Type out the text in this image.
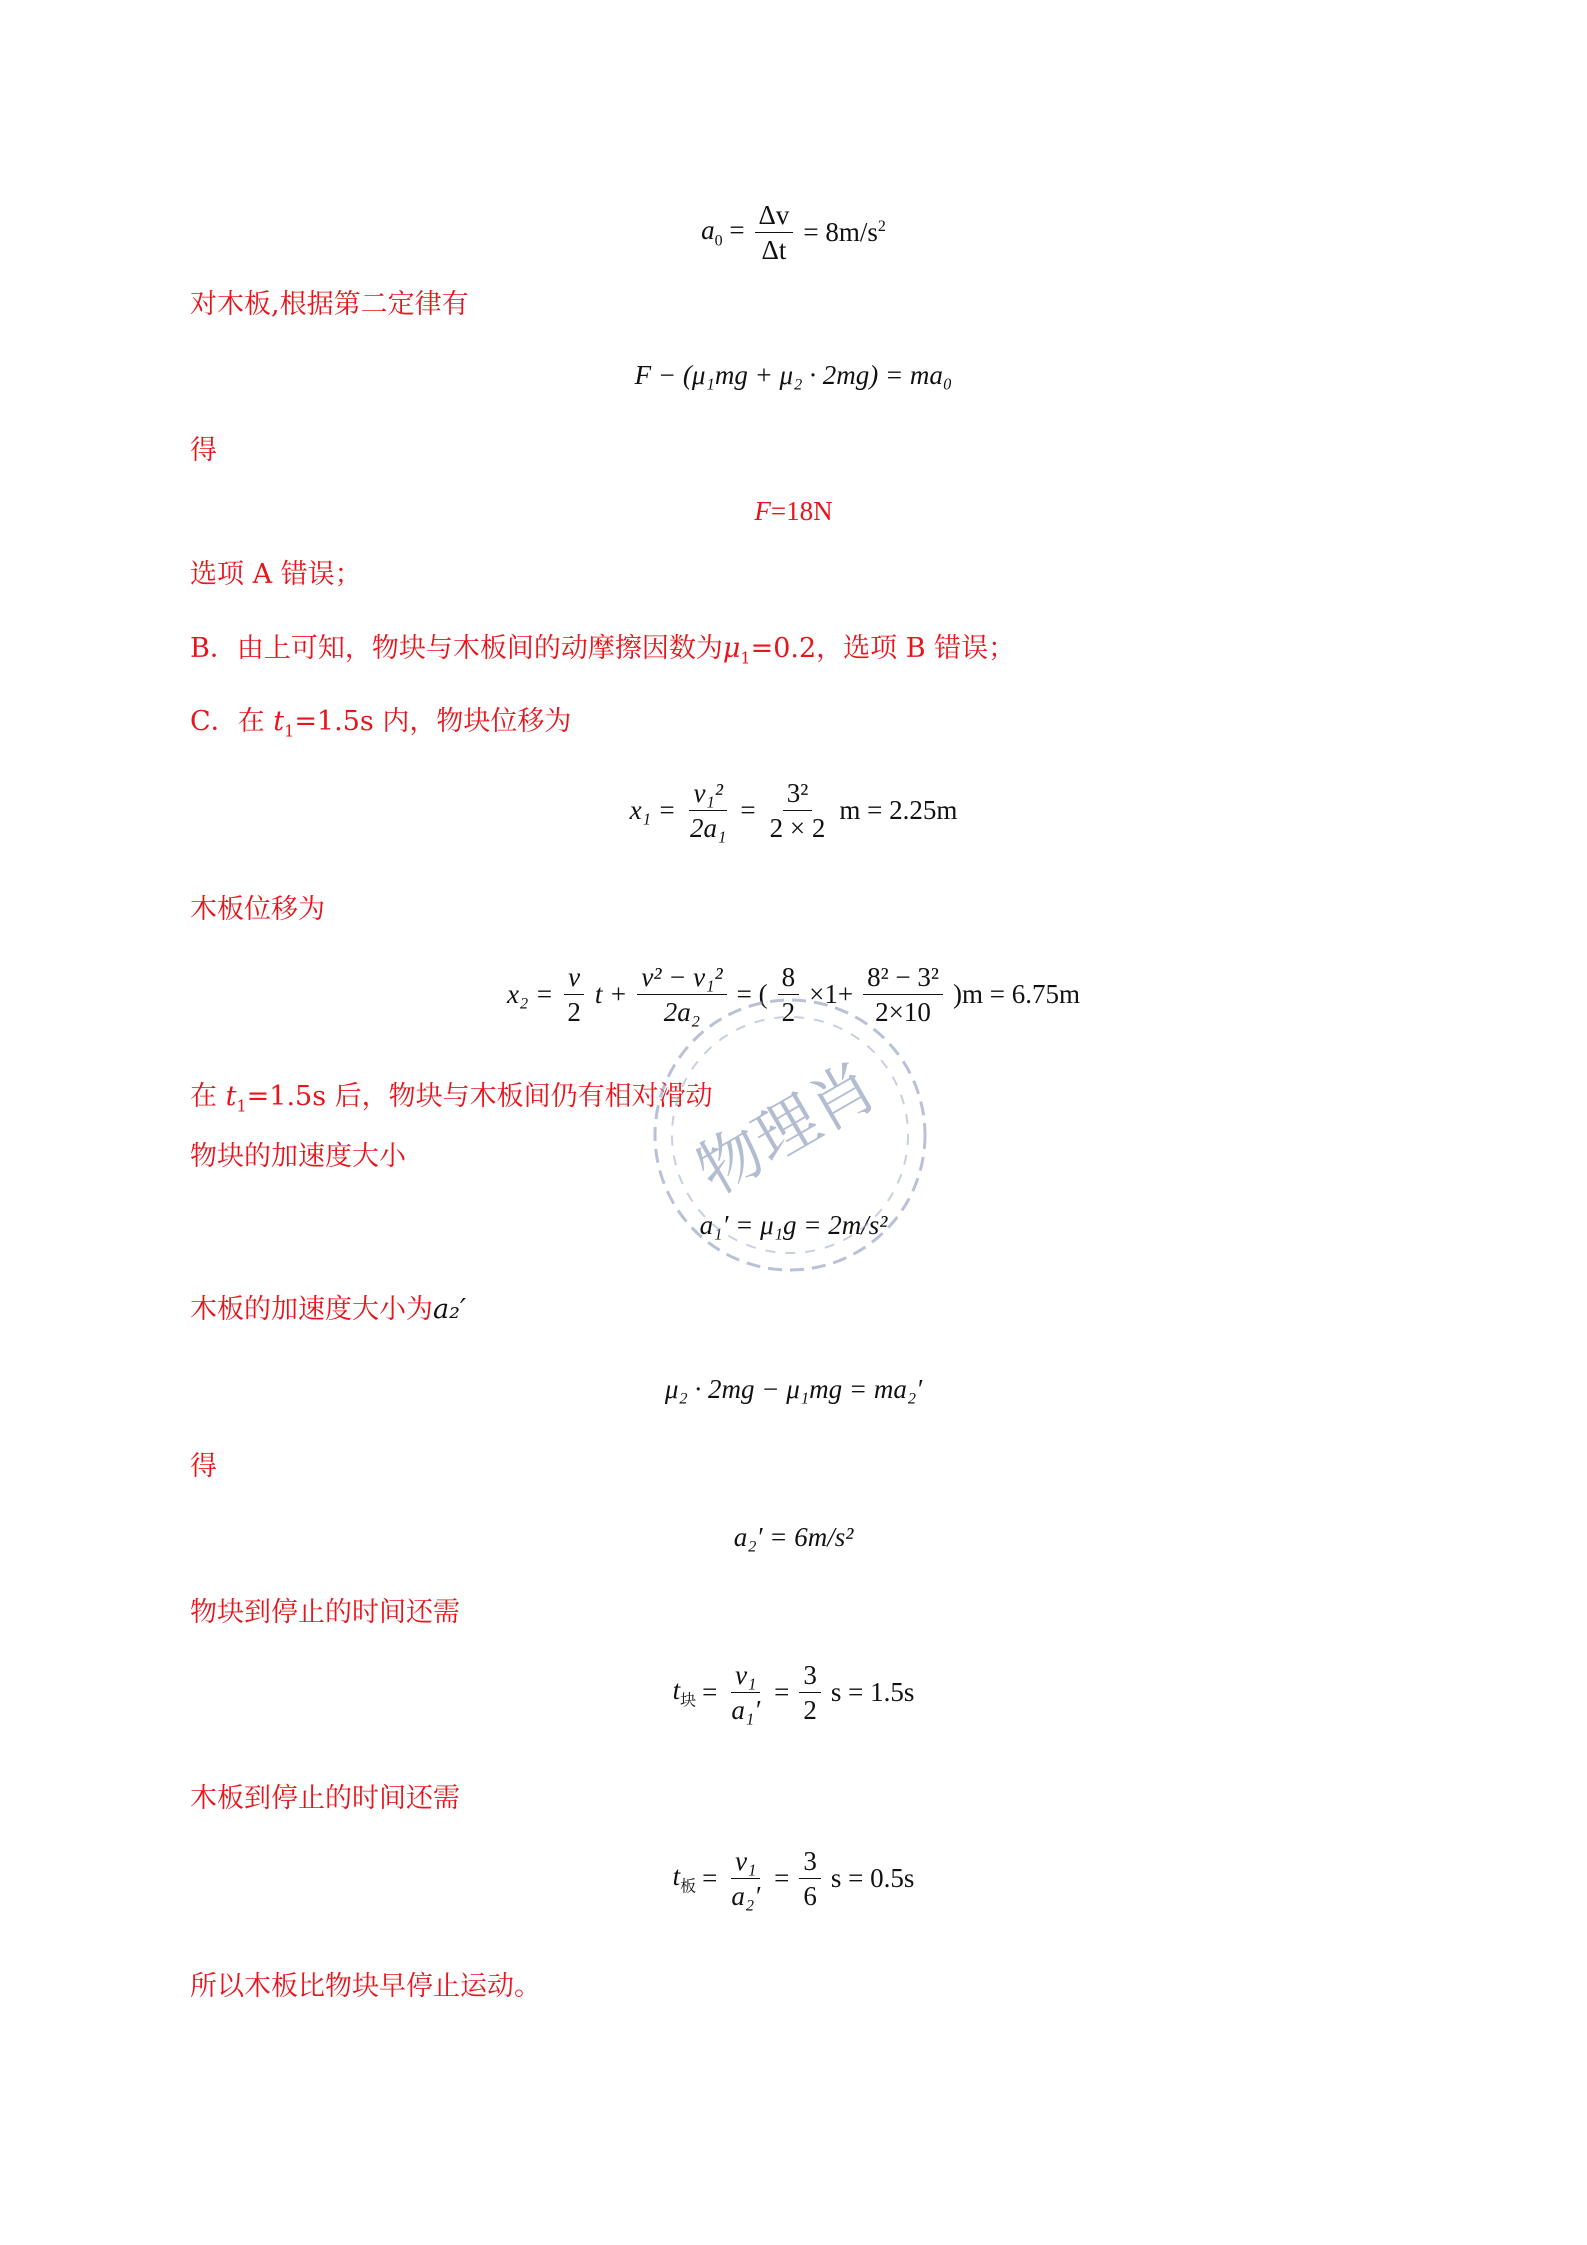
$a_0 = \frac{\Delta v}{\Delta t} = 8m/s^2$
对木板,根据第二定律有
F − (μ₁mg + μ₂ · 2mg) = ma₀
得
F=18N
选项 A 错误；
B．由上可知，物块与木板间的动摩擦因数为$\mu_1=0.2$，选项 B 错误；
C．在 $t_1=1.5s$ 内，物块位移为
$x_1 = \frac{\text{v₁²}}{\text{2a₁}} = \frac{\text{3²}}{2 \times 2}$ m = 2.25m
木板位移为
$x_2 = \frac{v}{2}$ $t + \frac{\text{v² − v₁²}}{\text{2a₂}}$ = ( $\frac{8}{2} \times 1+ \frac{\text{8² − 3²}}{2\times 10} )m = 6.75m$
在 $t_1=1.5s$ 后，物块与木板间仍有相对滑动
物块的加速度大小
a₁′ = μ₁g = 2m/s²
木板的加速度大小为a₂′
μ₂ · 2mg − μ₁mg = ma₂′
得
a₂′ = 6m/s²
物块到停止的时间还需
$t_块 = \frac{\text{v₁}}{\text{a₁′}} = \frac{3}{2}$ s = 1.5s
木板到停止的时间还需
$t_板 = \frac{\text{v₁}}{\text{a₂′}} = \frac{3}{6}$ s = 0.5s
所以木板比物块早停止运动。
物理肖
